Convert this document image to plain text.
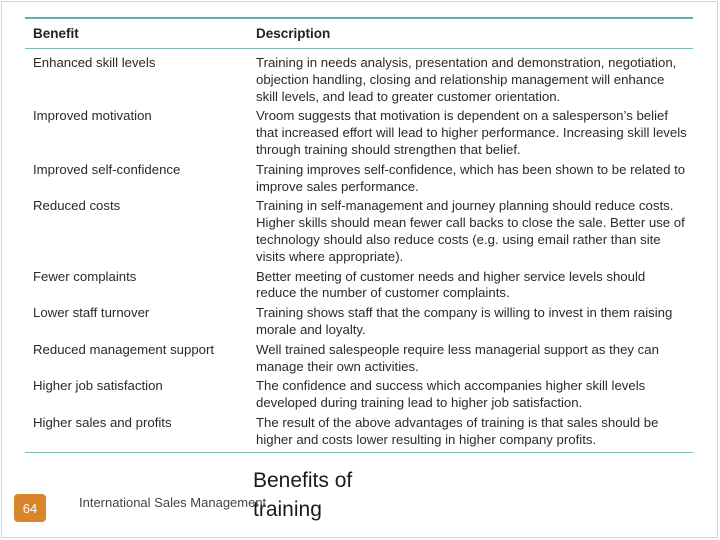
Benefit	Description
Enhanced skill levels	Training in needs analysis, presentation and demonstration, negotiation, objection handling, closing and relationship management will enhance skill levels, and lead to greater customer orientation.
Improved motivation	Vroom suggests that motivation is dependent on a salesperson’s belief that increased effort will lead to higher performance. Increasing skill levels through training should strengthen that belief.
Improved self-confidence	Training improves self-confidence, which has been shown to be related to improve sales performance.
Reduced costs	Training in self-management and journey planning should reduce costs. Higher skills should mean fewer call backs to close the sale. Better use of technology should also reduce costs (e.g. using email rather than site visits where appropriate).
Fewer complaints	Better meeting of customer needs and higher service levels should reduce the number of customer complaints.
Lower staff turnover	Training shows staff that the company is willing to invest in them raising morale and loyalty.
Reduced management support	Well trained salespeople require less managerial support as they can manage their own activities.
Higher job satisfaction	The confidence and success which accompanies higher skill levels developed during training lead to higher job satisfaction.
Higher sales and profits	The result of the above advantages of training is that sales should be higher and costs lower resulting in higher company profits.
Benefits of training
International Sales Management
64
